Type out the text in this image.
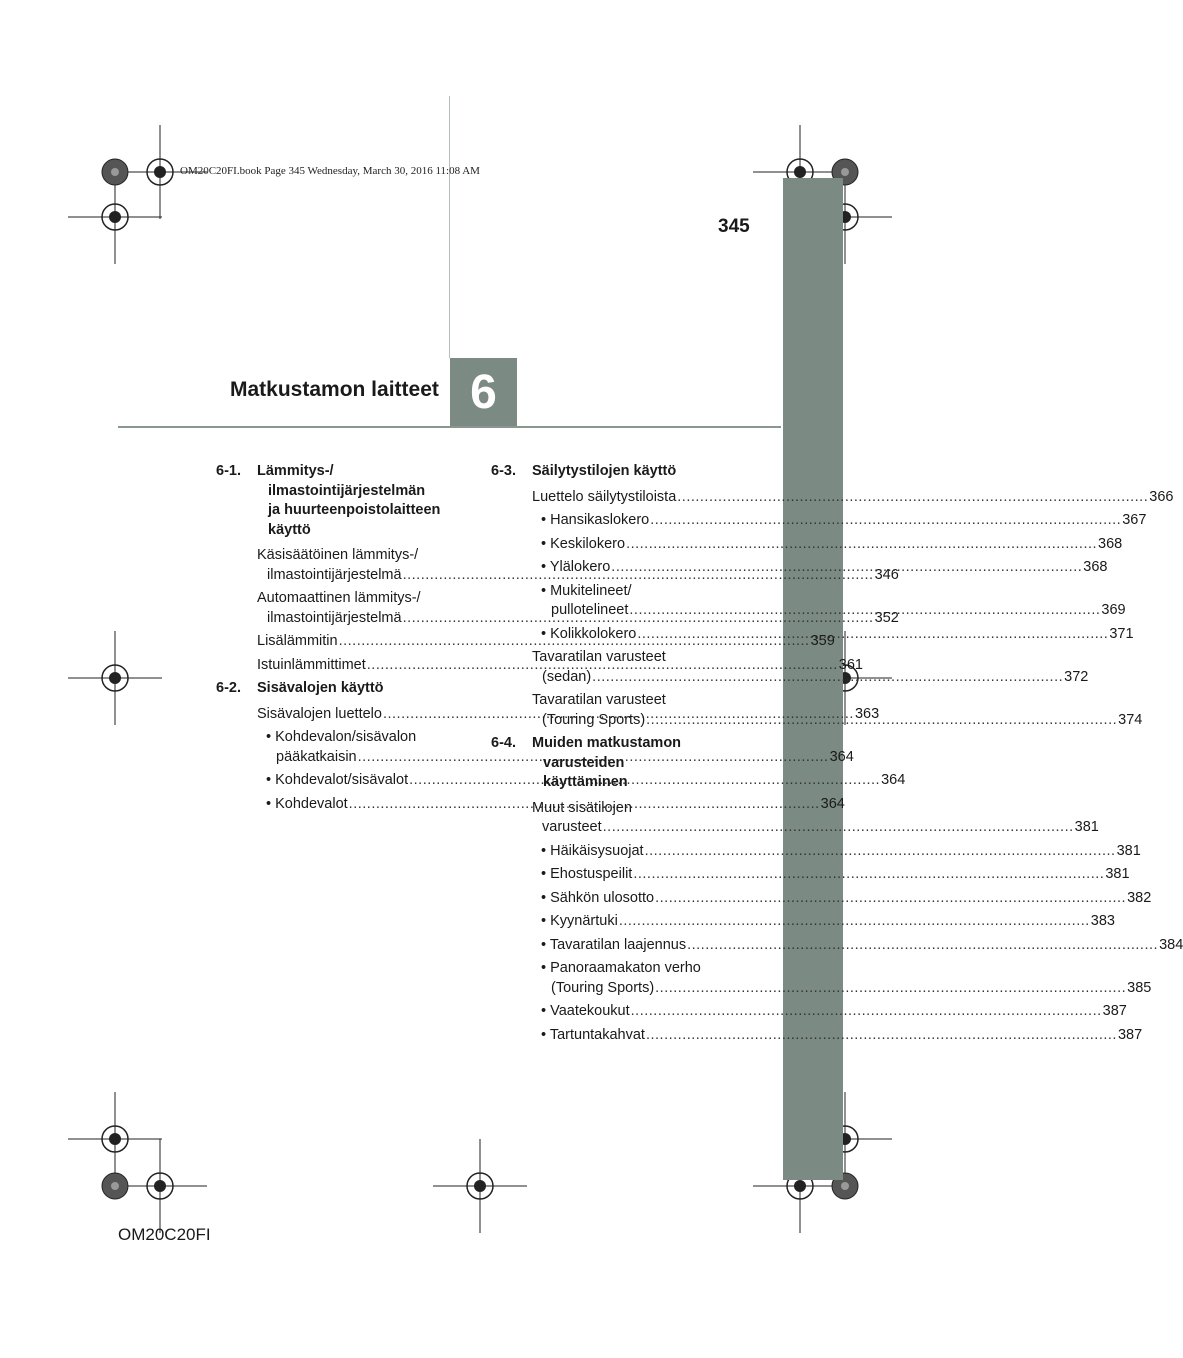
OM20C20FI.book Page 345 Wednesday, March 30, 2016 11:08 AM
345
Matkustamon laitteet 6
6-1. Lämmitys-/
ilmastointijärjestelmän
ja huurteenpoistolaitteen
käyttö
Käsisäätöinen lämmitys-/
ilmastointijärjestelmä .....	346
Automaattinen lämmitys-/
ilmastointijärjestelmä .....	352
Lisälämmitin .....	359
Istuinlämmittimet .....	361
6-2. Sisävalojen käyttö
Sisävalojen luettelo .....	363
• Kohdevalon/sisävalon
pääkatkaisin .....	364
• Kohdevalot/sisävalot .....	364
• Kohdevalot .....	364
6-3. Säilytystilojen käyttö
Luettelo säilytystiloista .....	366
• Hansikaslokero .....	367
• Keskilokero .....	368
• Ylälokero .....	368
• Mukitelineet/
pullotelineet .....	369
• Kolikkolokero .....	371
Tavaratilan varusteet
(sedan) .....	372
Tavaratilan varusteet
(Touring Sports) .....	374
6-4. Muiden matkustamon
varusteiden
käyttäminen
Muut sisätilojen
varusteet .....	381
• Häikäisysuojat .....	381
• Ehostuspeilit .....	381
• Sähkön ulosotto .....	382
• Kyynärtuki .....	383
• Tavaratilan laajennus .....	384
• Panoraamakaton verho
(Touring Sports) .....	385
• Vaatekoukut .....	387
• Tartuntakahvat .....	387
OM20C20FI
